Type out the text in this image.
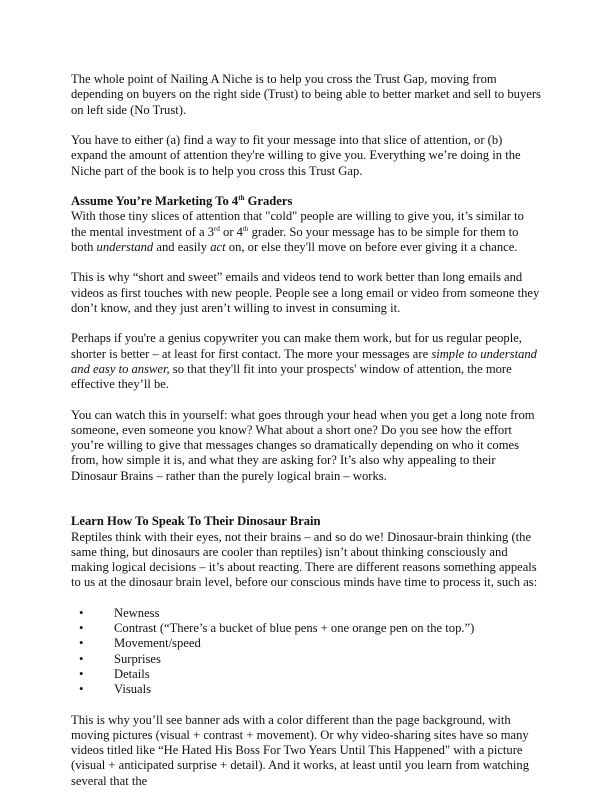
The whole point of Nailing A Niche is to help you cross the Trust Gap, moving from depending on buyers on the right side (Trust) to being able to better market and sell to buyers on left side (No Trust).

You have to either (a) find a way to fit your message into that slice of attention, or (b) expand the amount of attention they're willing to give you. Everything we’re doing in the Niche part of the book is to help you cross this Trust Gap.

Assume You’re Marketing To 4th Graders

With those tiny slices of attention that "cold" people are willing to give you, it’s similar to the mental investment of a 3rd or 4th grader. So your message has to be simple for them to both understand and easily act on, or else they'll move on before ever giving it a chance.

This is why “short and sweet” emails and videos tend to work better than long emails and videos as first touches with new people. People see a long email or video from someone they don’t know, and they just aren’t willing to invest in consuming it.

Perhaps if you're a genius copywriter you can make them work, but for us regular people, shorter is better – at least for first contact. The more your messages are simple to understand and easy to answer, so that they'll fit into your prospects' window of attention, the more effective they’ll be.

You can watch this in yourself: what goes through your head when you get a long note from someone, even someone you know? What about a short one? Do you see how the effort you’re willing to give that messages changes so dramatically depending on who it comes from, how simple it is, and what they are asking for? It’s also why appealing to their Dinosaur Brains – rather than the purely logical brain – works.

Learn How To Speak To Their Dinosaur Brain

Reptiles think with their eyes, not their brains – and so do we! Dinosaur-brain thinking (the same thing, but dinosaurs are cooler than reptiles) isn’t about thinking consciously and making logical decisions – it’s about reacting. There are different reasons something appeals to us at the dinosaur brain level, before our conscious minds have time to process it, such as:

• Newness
• Contrast (“There’s a bucket of blue pens + one orange pen on the top.”)
• Movement/speed
• Surprises
• Details
• Visuals

This is why you’ll see banner ads with a color different than the page background, with moving pictures (visual + contrast + movement). Or why video-sharing sites have so many videos titled like “He Hated His Boss For Two Years Until This Happened" with a picture (visual + anticipated surprise + detail). And it works, at least until you learn from watching several that the
